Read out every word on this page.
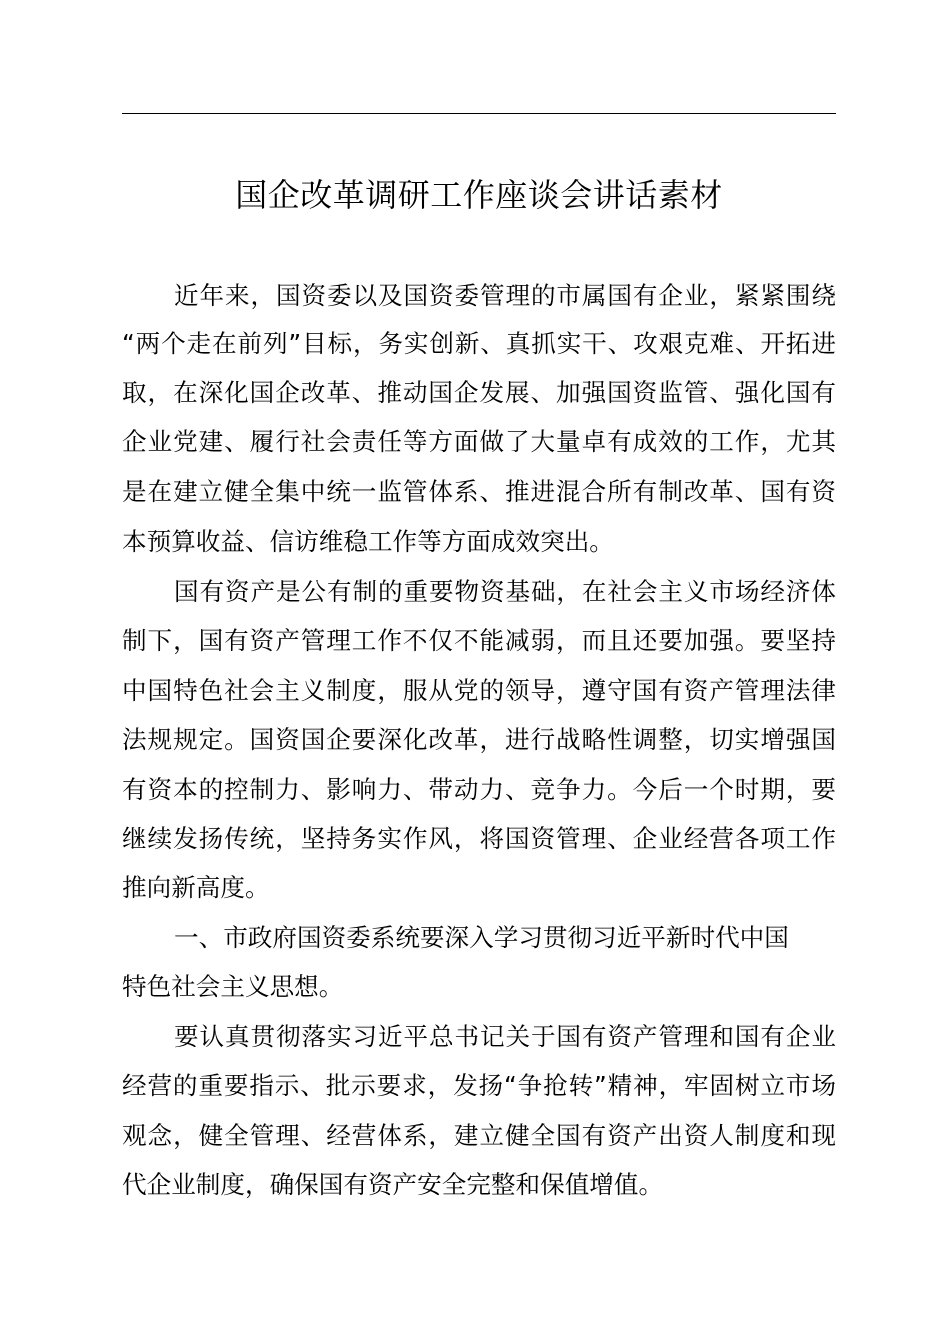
国企改革调研工作座谈会讲话素材
近年来，国资委以及国资委管理的市属国有企业，紧紧围绕
“两个走在前列”目标，务实创新、真抓实干、攻艰克难、开拓进
取，在深化国企改革、推动国企发展、加强国资监管、强化国有
企业党建、履行社会责任等方面做了大量卓有成效的工作，尤其
是在建立健全集中统一监管体系、推进混合所有制改革、国有资
本预算收益、信访维稳工作等方面成效突出。
国有资产是公有制的重要物资基础，在社会主义市场经济体
制下，国有资产管理工作不仅不能减弱，而且还要加强。要坚持
中国特色社会主义制度，服从党的领导，遵守国有资产管理法律
法规规定。国资国企要深化改革，进行战略性调整，切实增强国
有资本的控制力、影响力、带动力、竞争力。今后一个时期，要
继续发扬传统，坚持务实作风，将国资管理、企业经营各项工作
推向新高度。
一、市政府国资委系统要深入学习贯彻习近平新时代中国
特色社会主义思想。
要认真贯彻落实习近平总书记关于国有资产管理和国有企业
经营的重要指示、批示要求，发扬“争抢转”精神，牢固树立市场
观念，健全管理、经营体系，建立健全国有资产出资人制度和现
代企业制度，确保国有资产安全完整和保值增值。
